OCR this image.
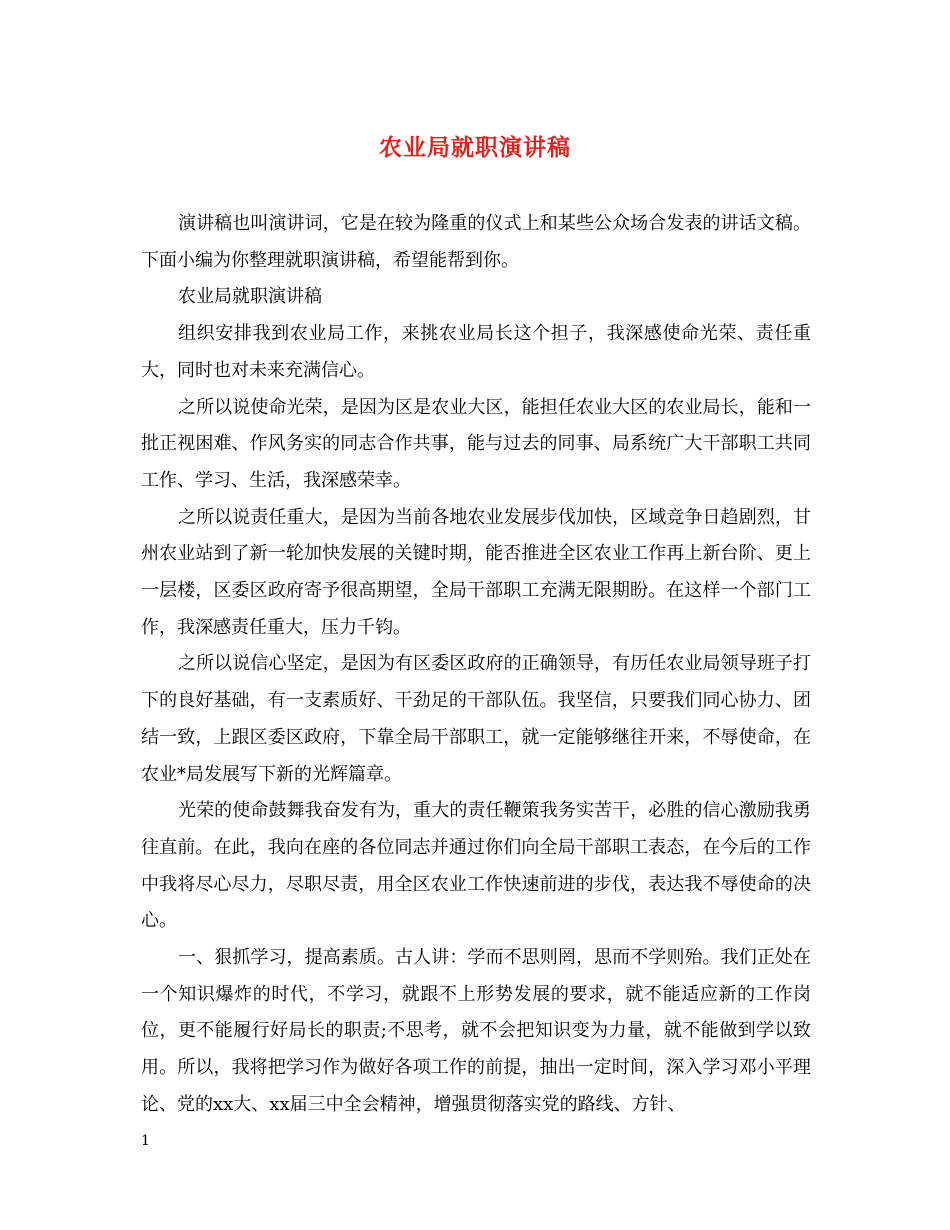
农业局就职演讲稿

演讲稿也叫演讲词，它是在较为隆重的仪式上和某些公众场合发表的讲话文稿。下面小编为你整理就职演讲稿，希望能帮到你。

农业局就职演讲稿

组织安排我到农业局工作，来挑农业局长这个担子，我深感使命光荣、责任重大，同时也对未来充满信心。

之所以说使命光荣，是因为区是农业大区，能担任农业大区的农业局长，能和一批正视困难、作风务实的同志合作共事，能与过去的同事、局系统广大干部职工共同工作、学习、生活，我深感荣幸。

之所以说责任重大，是因为当前各地农业发展步伐加快，区域竞争日趋剧烈，甘州农业站到了新一轮加快发展的关键时期，能否推进全区农业工作再上新台阶、更上一层楼，区委区政府寄予很高期望，全局干部职工充满无限期盼。在这样一个部门工作，我深感责任重大，压力千钧。

之所以说信心坚定，是因为有区委区政府的正确领导，有历任农业局领导班子打下的良好基础，有一支素质好、干劲足的干部队伍。我坚信，只要我们同心协力、团结一致，上跟区委区政府，下靠全局干部职工，就一定能够继往开来，不辱使命，在农业*局发展写下新的光辉篇章。

光荣的使命鼓舞我奋发有为，重大的责任鞭策我务实苦干，必胜的信心激励我勇往直前。在此，我向在座的各位同志并通过你们向全局干部职工表态，在今后的工作中我将尽心尽力，尽职尽责，用全区农业工作快速前进的步伐，表达我不辱使命的决心。

一、狠抓学习，提高素质。古人讲：学而不思则罔，思而不学则殆。我们正处在一个知识爆炸的时代，不学习，就跟不上形势发展的要求，就不能适应新的工作岗位，更不能履行好局长的职责;不思考，就不会把知识变为力量，就不能做到学以致用。所以，我将把学习作为做好各项工作的前提，抽出一定时间，深入学习邓小平理论、党的xx大、xx届三中全会精神，增强贯彻落实党的路线、方针、

1
